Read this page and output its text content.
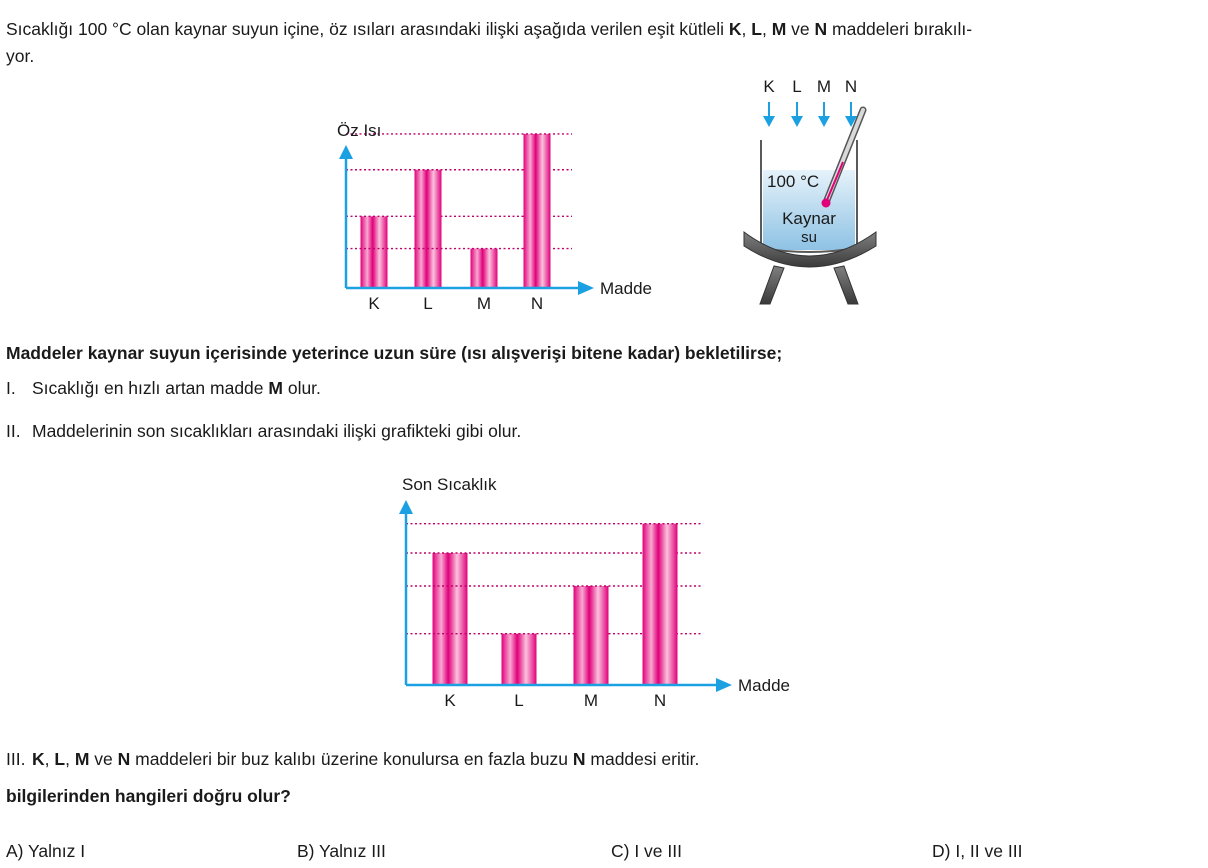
Sıcaklığı 100 °C olan kaynar suyun içine, öz ısıları arasındaki ilişki aşağıda verilen eşit kütleli K, L, M ve N maddeleri bırakılı-
yor.
K	L	M N
Öz Isı
Madde
K L M N
100 °C
Kaynar
su
Maddeler kaynar suyun içerisinde yeterince uzun süre (ısı alışverişi bitene kadar) bekletilirse;
I. Sıcaklığı en hızlı artan madde M olur.
II. Maddelerinin son sıcaklıkları arasındaki ilişki grafikteki gibi olur.
K	L	M	N
Son Sıcaklık
Madde
III. K, L, M ve N maddeleri bir buz kalıbı üzerine konulursa en fazla buzu N maddesi eritir.
bilgilerinden hangileri doğru olur?
A) Yalnız I	B) Yalnız III	C) I ve III	D) I, II ve III
